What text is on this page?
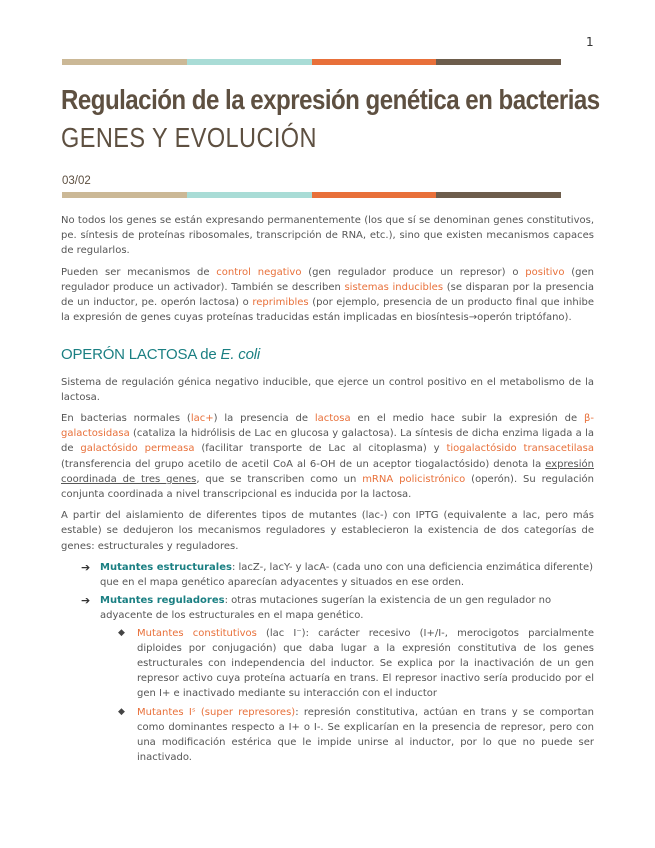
1
Regulación de la expresión genética en bacterias
GENES Y EVOLUCIÓN
03/02

No todos los genes se están expresando permanentemente (los que sí se denominan genes constitutivos, pe. síntesis de proteínas ribosomales, transcripción de RNA, etc.), sino que existen mecanismos capaces de regularlos.

Pueden ser mecanismos de control negativo (gen regulador produce un represor) o positivo (gen regulador produce un activador). También se describen sistemas inducibles (se disparan por la presencia de un inductor, pe. operón lactosa) o reprimibles (por ejemplo, presencia de un producto final que inhibe la expresión de genes cuyas proteínas traducidas están implicadas en biosíntesis→operón triptófano).

OPERÓN LACTOSA de E. coli

Sistema de regulación génica negativo inducible, que ejerce un control positivo en el metabolismo de la lactosa.

En bacterias normales (lac+) la presencia de lactosa en el medio hace subir la expresión de β-galactosidasa (cataliza la hidrólisis de Lac en glucosa y galactosa). La síntesis de dicha enzima ligada a la de galactósido permeasa (facilitar transporte de Lac al citoplasma) y tiogalactósido transacetilasa (transferencia del grupo acetilo de acetil CoA al 6-OH de un aceptor tiogalactósido) denota la expresión coordinada de tres genes, que se transcriben como un mRNA policistrónico (operón). Su regulación conjunta coordinada a nivel transcripcional es inducida por la lactosa.

A partir del aislamiento de diferentes tipos de mutantes (lac-) con IPTG (equivalente a lac, pero más estable) se dedujeron los mecanismos reguladores y establecieron la existencia de dos categorías de genes: estructurales y reguladores.

➔ Mutantes estructurales: lacZ-, lacY- y lacA- (cada uno con una deficiencia enzimática diferente) que en el mapa genético aparecían adyacentes y situados en ese orden.
➔ Mutantes reguladores: otras mutaciones sugerían la existencia de un gen regulador no adyacente de los estructurales en el mapa genético.
◆ Mutantes constitutivos (lac I⁻): carácter recesivo (I+/I-, merocigotos parcialmente diploides por conjugación) que daba lugar a la expresión constitutiva de los genes estructurales con independencia del inductor. Se explica por la inactivación de un gen represor activo cuya proteína actuaría en trans. El represor inactivo sería producido por el gen I+ e inactivado mediante su interacción con el inductor
◆ Mutantes Iˢ (super represores): represión constitutiva, actúan en trans y se comportan como dominantes respecto a I+ o I-. Se explicarían en la presencia de represor, pero con una modificación estérica que le impide unirse al inductor, por lo que no puede ser inactivado.
